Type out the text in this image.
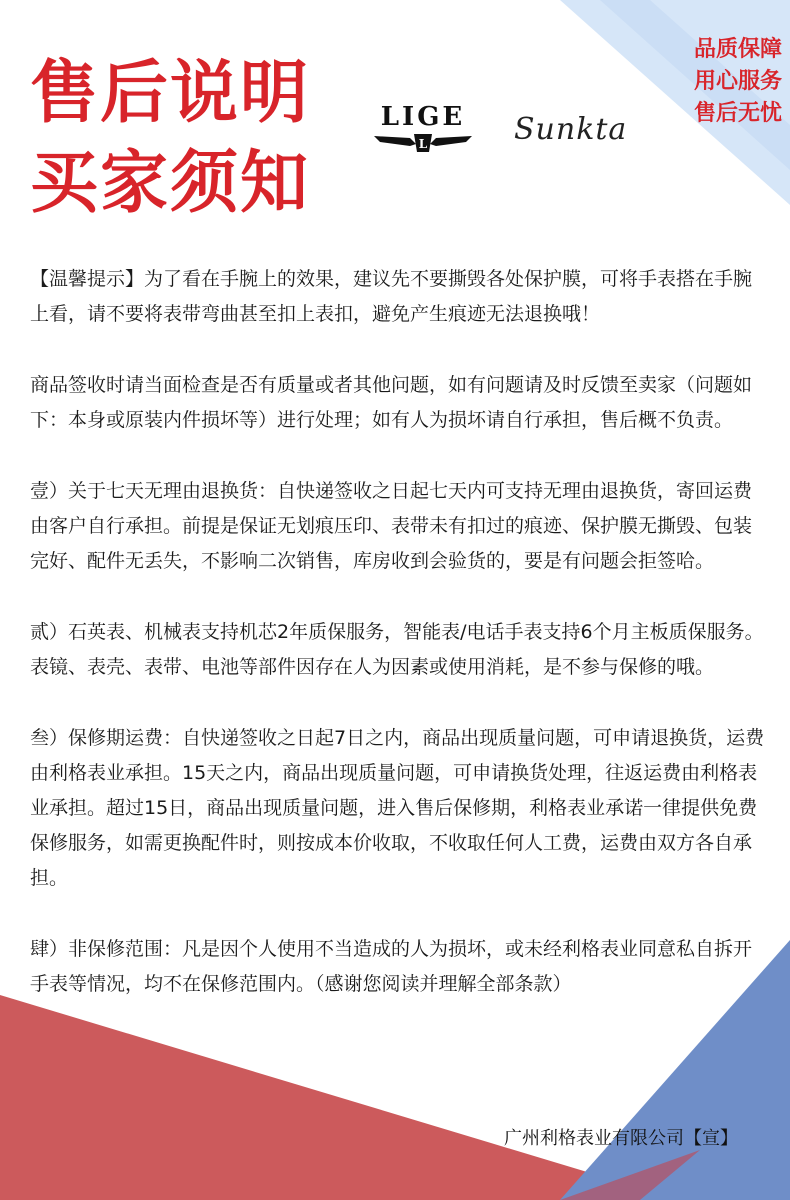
售后说明
买家须知
品质保障
用心服务
售后无忧
LIGE
L	Sunkta

【温馨提示】为了看在手腕上的效果，建议先不要撕毁各处保护膜，可将手表搭在手腕上看，请不要将表带弯曲甚至扣上表扣，避免产生痕迹无法退换哦！

商品签收时请当面检查是否有质量或者其他问题，如有问题请及时反馈至卖家（问题如下：本身或原装内件损坏等）进行处理；如有人为损坏请自行承担，售后概不负责。

壹）关于七天无理由退换货：自快递签收之日起七天内可支持无理由退换货，寄回运费由客户自行承担。前提是保证无划痕压印、表带未有扣过的痕迹、保护膜无撕毁、包装完好、配件无丢失，不影响二次销售，库房收到会验货的，要是有问题会拒签哈。

贰）石英表、机械表支持机芯2年质保服务，智能表/电话手表支持6个月主板质保服务。表镜、表壳、表带、电池等部件因存在人为因素或使用消耗，是不参与保修的哦。

叁）保修期运费：自快递签收之日起7日之内，商品出现质量问题，可申请退换货，运费由利格表业承担。15天之内，商品出现质量问题，可申请换货处理，往返运费由利格表业承担。超过15日，商品出现质量问题，进入售后保修期，利格表业承诺一律提供免费保修服务，如需更换配件时，则按成本价收取，不收取任何人工费，运费由双方各自承担。

肆）非保修范围：凡是因个人使用不当造成的人为损坏，或未经利格表业同意私自拆开手表等情况，均不在保修范围内。（感谢您阅读并理解全部条款）

广州利格表业有限公司【宣】
